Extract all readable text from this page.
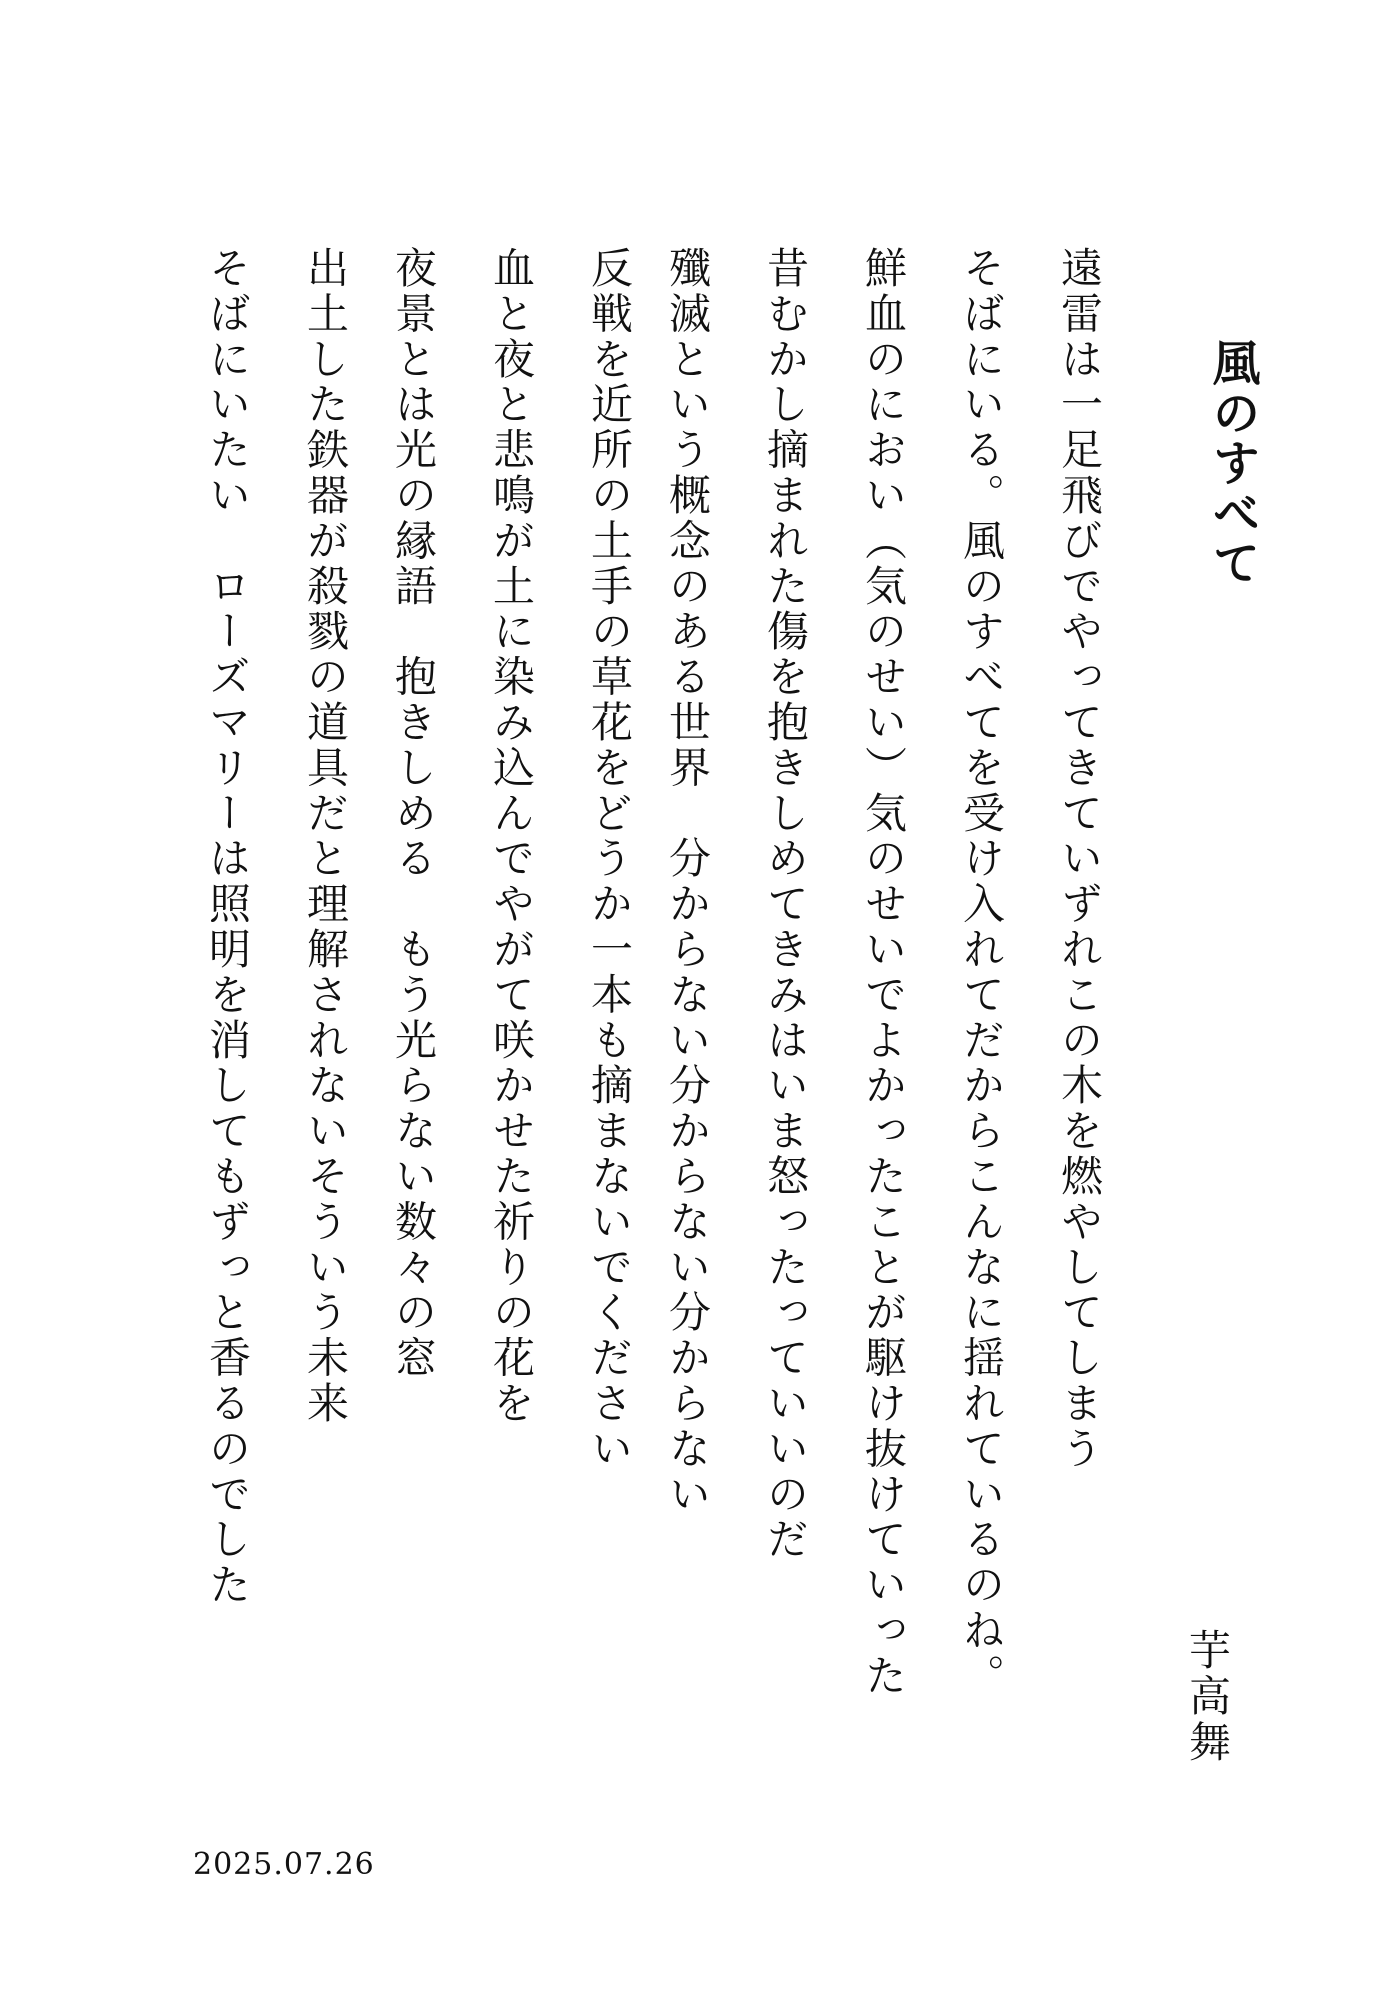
風のすべて

遠雷は一足飛びでやってきていずれこの木を燃やしてしまう

そばにいる。風のすべてを受け入れてだからこんなに揺れているのね。

鮮血のにおい（気のせい）気のせいでよかったことが駆け抜けていった

昔むかし摘まれた傷を抱きしめてきみはいま怒ったっていいのだ

殲滅という概念のある世界　分からない分からない分からない

反戦を近所の土手の草花をどうか一本も摘まないでください

血と夜と悲鳴が土に染み込んでやがて咲かせた祈りの花を

夜景とは光の縁語　抱きしめる　もう光らない数々の窓

出土した鉄器が殺戮の道具だと理解されないそういう未来

そばにいたい　ローズマリーは照明を消してもずっと香るのでした

芋高舞
2025.07.26
